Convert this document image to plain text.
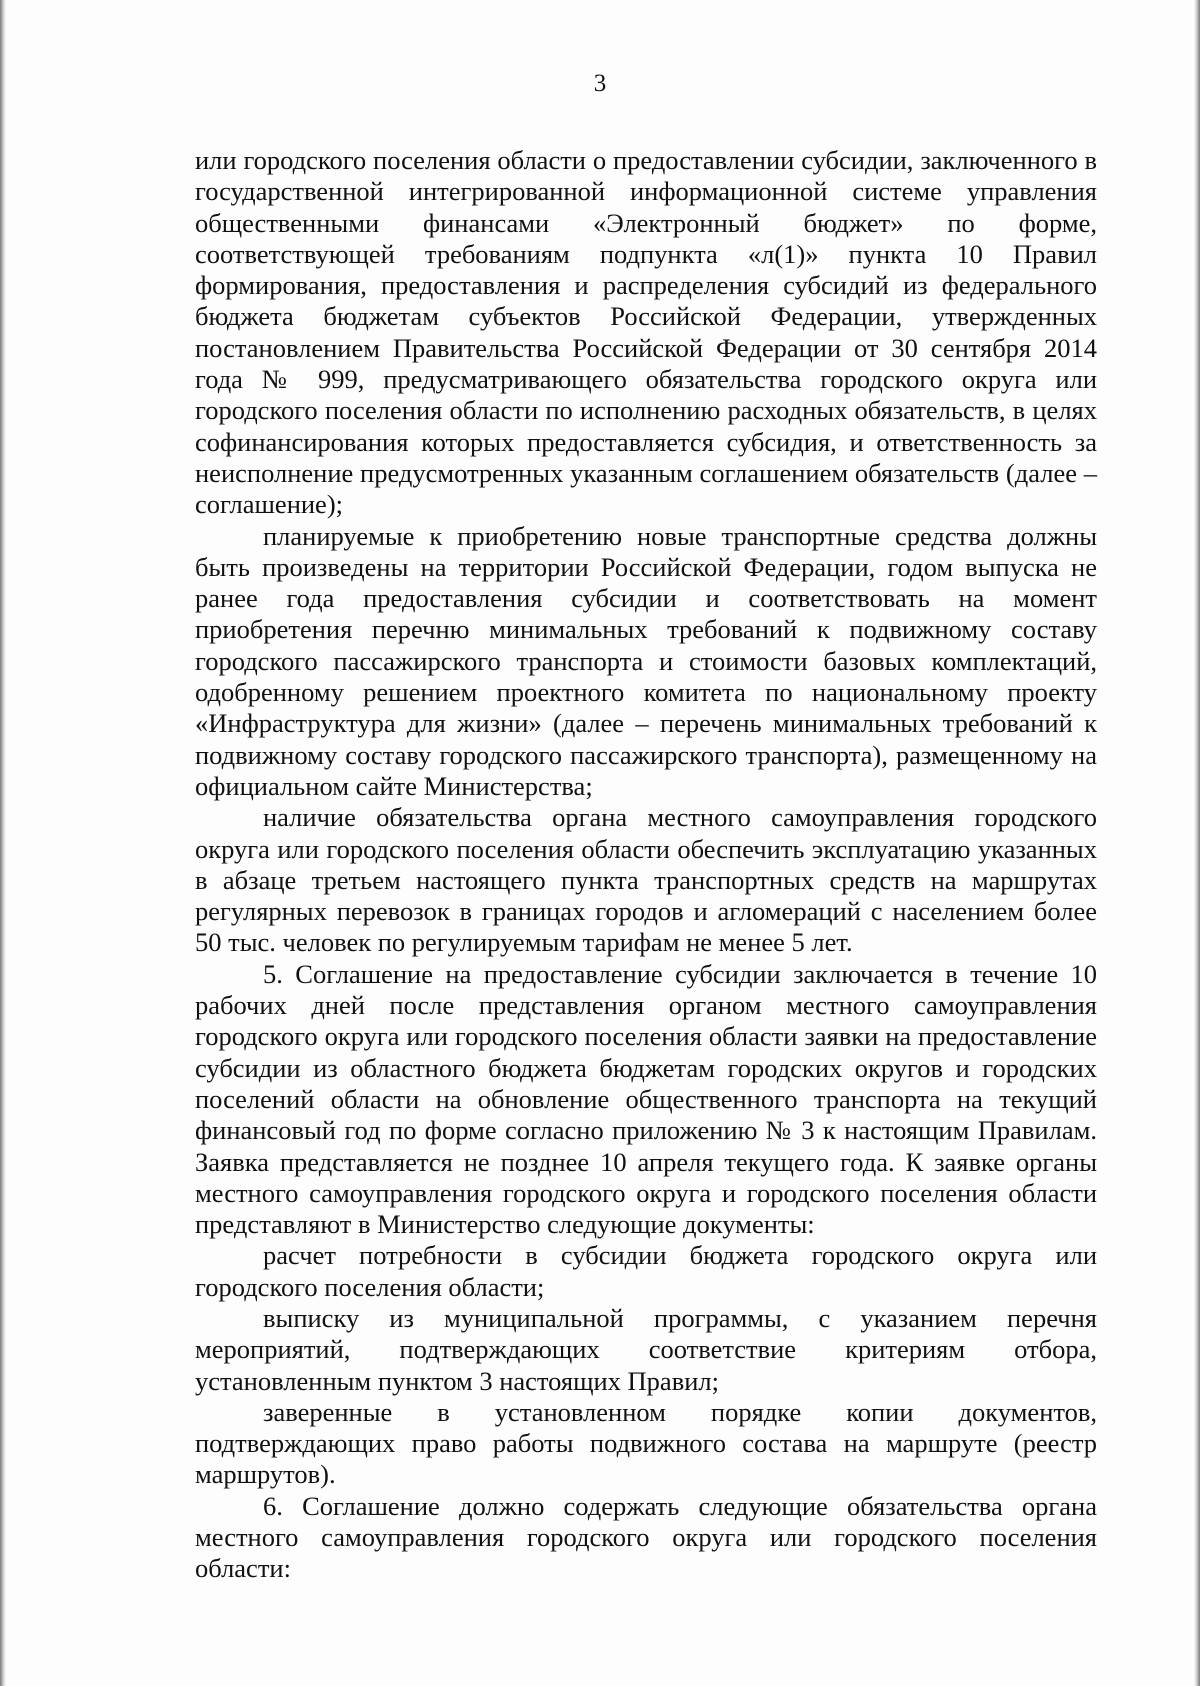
3

или городского поселения области о предоставлении субсидии, заключенного в государственной интегрированной информационной системе управления общественными финансами «Электронный бюджет» по форме, соответствующей требованиям подпункта «л(1)» пункта 10 Правил формирования, предоставления и распределения субсидий из федерального бюджета бюджетам субъектов Российской Федерации, утвержденных постановлением Правительства Российской Федерации от 30 сентября 2014 года № 999, предусматривающего обязательства городского округа или городского поселения области по исполнению расходных обязательств, в целях софинансирования которых предоставляется субсидия, и ответственность за неисполнение предусмотренных указанным соглашением обязательств (далее – соглашение);

планируемые к приобретению новые транспортные средства должны быть произведены на территории Российской Федерации, годом выпуска не ранее года предоставления субсидии и соответствовать на момент приобретения перечню минимальных требований к подвижному составу городского пассажирского транспорта и стоимости базовых комплектаций, одобренному решением проектного комитета по национальному проекту «Инфраструктура для жизни» (далее – перечень минимальных требований к подвижному составу городского пассажирского транспорта), размещенному на официальном сайте Министерства;

наличие обязательства органа местного самоуправления городского округа или городского поселения области обеспечить эксплуатацию указанных в абзаце третьем настоящего пункта транспортных средств на маршрутах регулярных перевозок в границах городов и агломераций с населением более 50 тыс. человек по регулируемым тарифам не менее 5 лет.

5. Соглашение на предоставление субсидии заключается в течение 10 рабочих дней после представления органом местного самоуправления городского округа или городского поселения области заявки на предоставление субсидии из областного бюджета бюджетам городских округов и городских поселений области на обновление общественного транспорта на текущий финансовый год по форме согласно приложению № 3 к настоящим Правилам. Заявка представляется не позднее 10 апреля текущего года. К заявке органы местного самоуправления городского округа и городского поселения области представляют в Министерство следующие документы:

расчет потребности в субсидии бюджета городского округа или городского поселения области;

выписку из муниципальной программы, с указанием перечня мероприятий, подтверждающих соответствие критериям отбора, установленным пунктом 3 настоящих Правил;

заверенные в установленном порядке копии документов, подтверждающих право работы подвижного состава на маршруте (реестр маршрутов).

6. Соглашение должно содержать следующие обязательства органа местного самоуправления городского округа или городского поселения области:
